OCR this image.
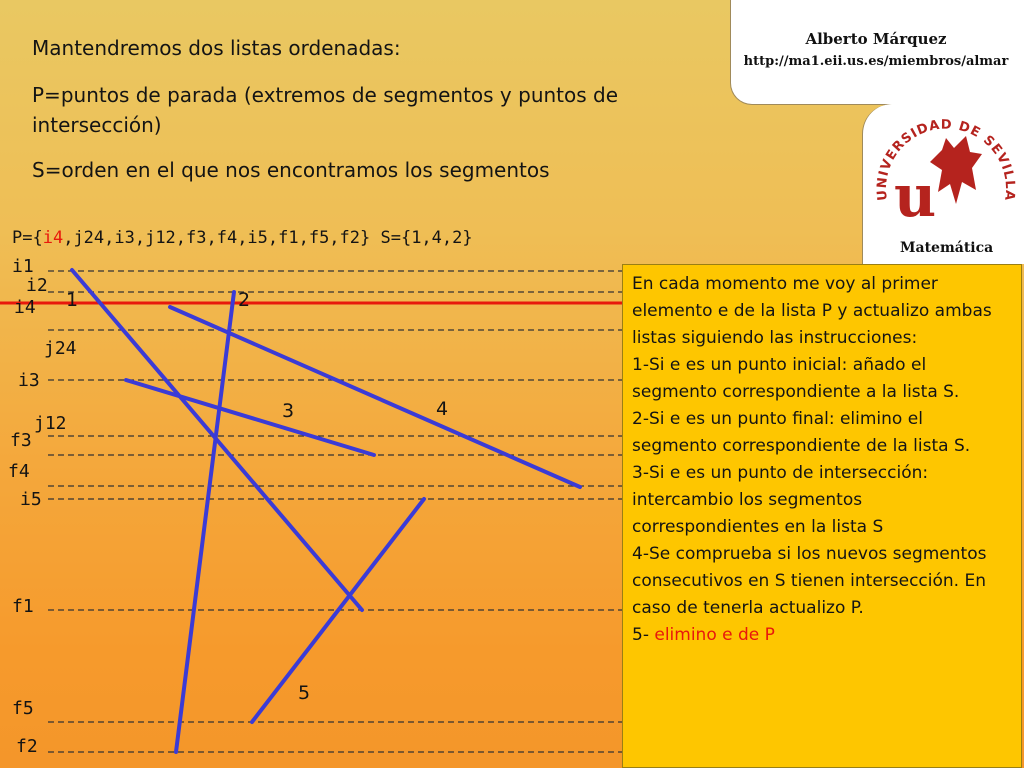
Alberto Márquez
http://ma1.eii.us.es/miembros/almar
UNIVERSIDAD DE SEVILLA
u
Matemática
Mantendremos dos listas ordenadas:
P=puntos de parada (extremos de segmentos y puntos de
intersección)
S=orden en el que nos encontramos los segmentos
P={i4,j24,i3,j12,f3,f4,i5,f1,f5,f2} S={1,4,2}
i1
i2
i4
j24
i3
j12
f3
f4
i5
f1
f5
f2
1	2
3	4
5

En cada momento me voy al primer elemento e de la lista P y actualizo ambas listas siguiendo las instrucciones:

1-Si e es un punto inicial: añado el segmento correspondiente a la lista S.

2-Si e es un punto final: elimino el segmento correspondiente de la lista S.

3-Si e es un punto de intersección: intercambio los segmentos correspondientes en la lista S

4-Se comprueba si los nuevos segmentos consecutivos en S tienen intersección. En caso de tenerla actualizo P.

5- elimino e de P
